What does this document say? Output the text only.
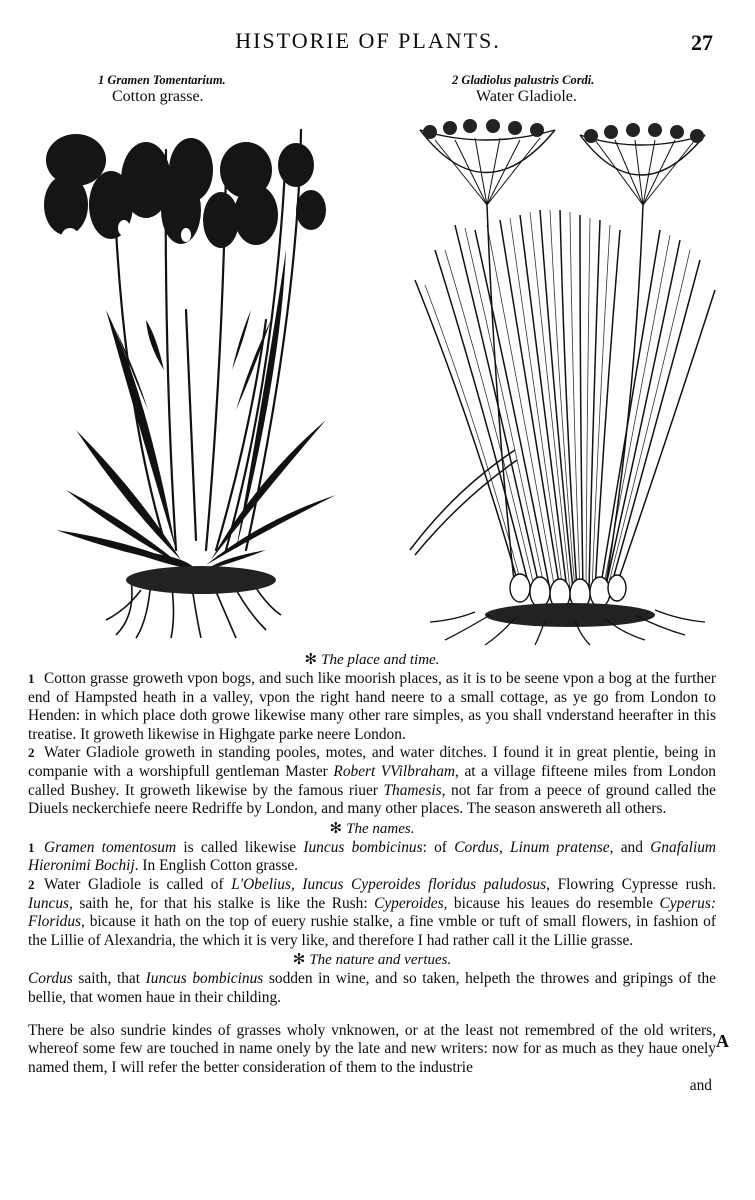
HISTORIE OF PLANTS.	27
1 Gramen Tomentarium.
Cotton grasse.
2 Gladiolus palustris Cordi.
Water Gladiole.

✻ The place and time.

1 Cotton grasse groweth vpon bogs, and such like moorish places, as it is to be seene vpon a bog at the further end of Hampsted heath in a valley, vpon the right hand neere to a small cottage, as ye go from London to Henden: in which place doth growe likewise many other rare simples, as you shall vnderstand heerafter in this treatise. It groweth likewise in Highgate parke neere London.

2 Water Gladiole groweth in standing pooles, motes, and water ditches. I found it in great plentie, being in companie with a worshipfull gentleman Master Robert VVilbraham, at a village fifteene miles from London called Bushey. It groweth likewise by the famous riuer Thamesis, not far from a peece of ground called the Diuels neckerchiefe neere Redriffe by London, and many other places. The season answereth all others.

✻ The names.

1 Gramen tomentosum is called likewise Iuncus bombicinus: of Cordus, Linum pratense, and Gnafalium Hieronimi Bochij. In English Cotton grasse.

2 Water Gladiole is called of L'Obelius, Iuncus Cyperoides floridus paludosus, Flowring Cypresse rush. Iuncus, saith he, for that his stalke is like the Rush: Cyperoides, bicause his leaues do resemble Cyperus: Floridus, bicause it hath on the top of euery rushie stalke, a fine vmble or tuft of small flowers, in fashion of the Lillie of Alexandria, the which it is very like, and therefore I had rather call it the Lillie grasse.

✻ The nature and vertues.

Cordus saith, that Iuncus bombicinus sodden in wine, and so taken, helpeth the throwes and gripings of the bellie, that women haue in their childing.

There be also sundrie kindes of grasses wholy vnknowen, or at the least not remembred of the old writers, whereof some few are touched in name onely by the late and new writers: now for as much as they haue onely named them, I will refer the better consideration of them to the industrie

and

A
